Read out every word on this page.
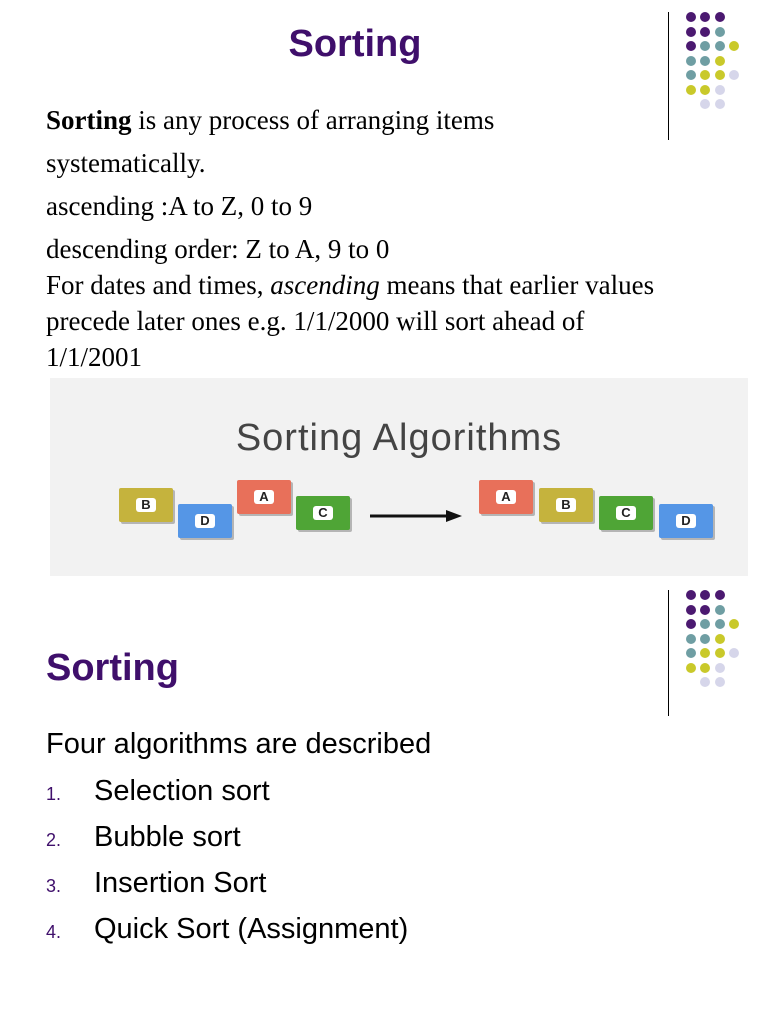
Sorting

Sorting is any process of arranging items

systematically.

ascending :A to Z, 0 to 9

descending order: Z to A, 9 to 0

For dates and times, ascending means that earlier values
precede later ones e.g. 1/1/2000 will sort ahead of
1/1/2001

Sorting Algorithms
B
D
A
C
A
B
C
D
Sorting
Four algorithms are described
1. Selection sort
2. Bubble sort
3. Insertion Sort
4. Quick Sort (Assignment)
